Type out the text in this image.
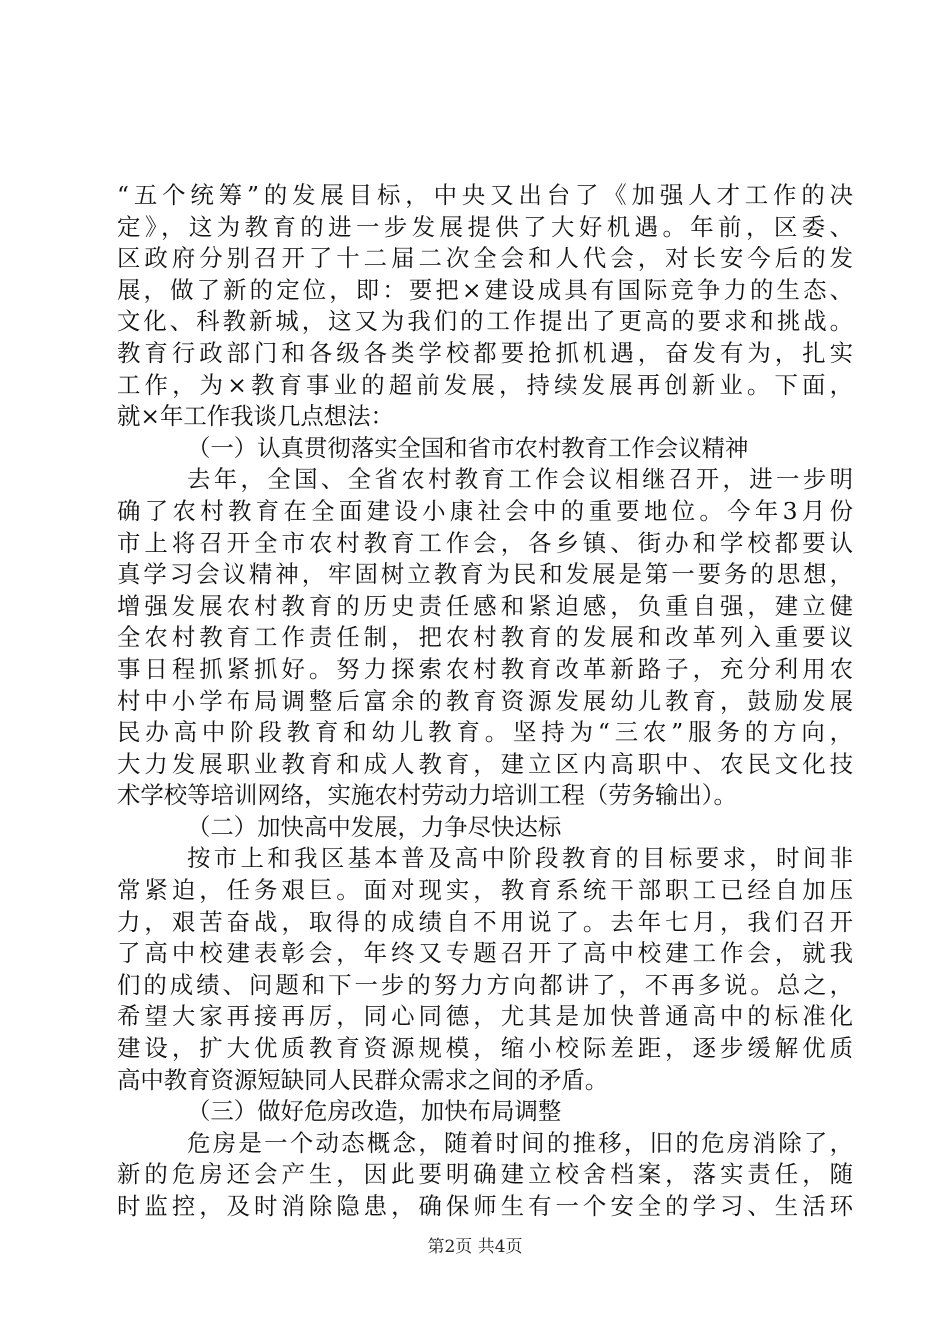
“五个统筹”的发展目标，中央又出台了《加强人才工作的决
定》，这为教育的进一步发展提供了大好机遇。年前，区委、
区政府分别召开了十二届二次全会和人代会，对长安今后的发
展，做了新的定位，即：要把×建设成具有国际竞争力的生态、
文化、科教新城，这又为我们的工作提出了更高的要求和挑战。
教育行政部门和各级各类学校都要抢抓机遇，奋发有为，扎实
工作，为×教育事业的超前发展，持续发展再创新业。下面，
就×年工作我谈几点想法：
（一）认真贯彻落实全国和省市农村教育工作会议精神
去年，全国、全省农村教育工作会议相继召开，进一步明
确了农村教育在全面建设小康社会中的重要地位。今年3月份
市上将召开全市农村教育工作会，各乡镇、街办和学校都要认
真学习会议精神，牢固树立教育为民和发展是第一要务的思想，
增强发展农村教育的历史责任感和紧迫感，负重自强，建立健
全农村教育工作责任制，把农村教育的发展和改革列入重要议
事日程抓紧抓好。努力探索农村教育改革新路子，充分利用农
村中小学布局调整后富余的教育资源发展幼儿教育，鼓励发展
民办高中阶段教育和幼儿教育。坚持为“三农”服务的方向，
大力发展职业教育和成人教育，建立区内高职中、农民文化技
术学校等培训网络，实施农村劳动力培训工程（劳务输出）。
（二）加快高中发展，力争尽快达标
按市上和我区基本普及高中阶段教育的目标要求，时间非
常紧迫，任务艰巨。面对现实，教育系统干部职工已经自加压
力，艰苦奋战，取得的成绩自不用说了。去年七月，我们召开
了高中校建表彰会，年终又专题召开了高中校建工作会，就我
们的成绩、问题和下一步的努力方向都讲了，不再多说。总之，
希望大家再接再厉，同心同德，尤其是加快普通高中的标准化
建设，扩大优质教育资源规模，缩小校际差距，逐步缓解优质
高中教育资源短缺同人民群众需求之间的矛盾。
（三）做好危房改造，加快布局调整
危房是一个动态概念，随着时间的推移，旧的危房消除了，
新的危房还会产生，因此要明确建立校舍档案，落实责任，随
时监控，及时消除隐患，确保师生有一个安全的学习、生活环
第2页 共4页
